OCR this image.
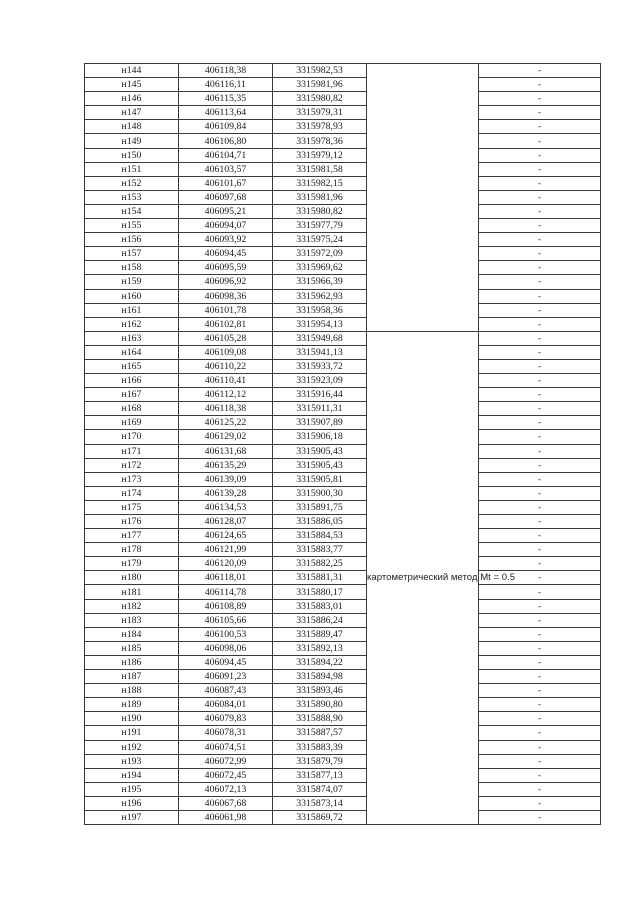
н144	406118,38	3315982,53		-
н145	406116,11	3315981,96		-
н146	406115,35	3315980,82		-
н147	406113,64	3315979,31		-
н148	406109,84	3315978,93		-
н149	406106,80	3315978,36		-
н150	406104,71	3315979,12		-
н151	406103,57	3315981,58		-
н152	406101,67	3315982,15		-
н153	406097,68	3315981,96		-
н154	406095,21	3315980,82		-
н155	406094,07	3315977,79		-
н156	406093,92	3315975,24		-
н157	406094,45	3315972,09		-
н158	406095,59	3315969,62		-
н159	406096,92	3315966,39		-
н160	406098,36	3315962,93		-
н161	406101,78	3315958,36		-
н162	406102,81	3315954,13		-
н163	406105,28	3315949,68	картометрический метод Mt = 0.5	-
н164	406109,08	3315941,13		-
н165	406110,22	3315933,72		-
н166	406110,41	3315923,09		-
н167	406112,12	3315916,44		-
н168	406118,38	3315911,31		-
н169	406125,22	3315907,89		-
н170	406129,02	3315906,18		-
н171	406131,68	3315905,43		-
н172	406135,29	3315905,43		-
н173	406139,09	3315905,81		-
н174	406139,28	3315900,30		-
н175	406134,53	3315891,75		-
н176	406128,07	3315886,05		-
н177	406124,65	3315884,53		-
н178	406121,99	3315883,77		-
н179	406120,09	3315882,25		-
н180	406118,01	3315881,31		-
н181	406114,78	3315880,17		-
н182	406108,89	3315883,01		-
н183	406105,66	3315886,24		-
н184	406100,53	3315889,47		-
н185	406098,06	3315892,13		-
н186	406094,45	3315894,22		-
н187	406091,23	3315894,98		-
н188	406087,43	3315893,46		-
н189	406084,01	3315890,80		-
н190	406079,83	3315888,90		-
н191	406078,31	3315887,57		-
н192	406074,51	3315883,39		-
н193	406072,99	3315879,79		-
н194	406072,45	3315877,13		-
н195	406072,13	3315874,07		-
н196	406067,68	3315873,14		-
н197	406061,98	3315869,72		-
